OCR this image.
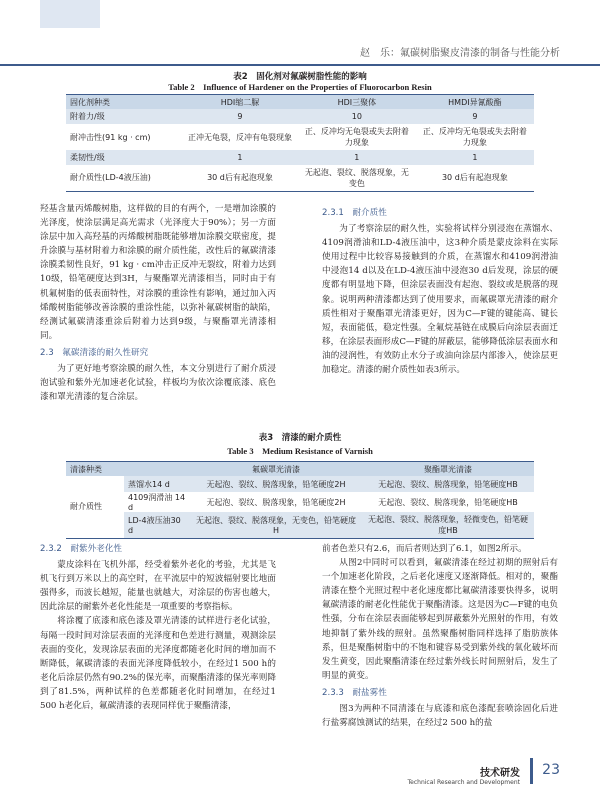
赵　乐：氟碳树脂聚皮清漆的制备与性能分析
表2　固化剂对氟碳树脂性能的影响
Table 2　Influence of Hardener on the Properties of Fluorocarbon Resin
固化剂种类	HDI缩二脲	HDI三聚体	HMDI异氰酸酯
附着力/级	9	10	9
耐冲击性(91 kg · cm)	正冲无龟裂，反冲有龟裂现象	正、反冲均无龟裂或失去附着力现象	正、反冲均无龟裂或失去附着力现象
柔韧性/级	1	1	1
耐介质性(LD-4液压油)	30 d后有起泡现象	无起泡、裂纹、脱落现象，无变色	30 d后有起泡现象

羟基含量丙烯酸树脂，这样做的目的有两个，一是增加涂膜的光泽度，使涂层满足高光需求（光泽度大于90%）；另一方面涂层中加入高羟基的丙烯酸树脂既能够增加涂膜交联密度，提升涂膜与基材附着力和涂膜的耐介质性能，改性后的氟碳清漆涂膜柔韧性良好，91 kg · cm冲击正反冲无裂纹，附着力达到10级，铅笔硬度达到3H，与聚酯罩光清漆相当，同时由于有机氟树脂的低表面特性，对涂膜的重涂性有影响，通过加入丙烯酸树脂能够改善涂膜的重涂性能，以弥补氟碳树脂的缺陷，经测试氟碳清漆重涂后附着力达到9级，与聚酯罩光清漆相同。

2.3　氟碳清漆的耐久性研究

为了更好地考察涂膜的耐久性，本文分别进行了耐介质浸泡试验和紫外光加速老化试验，样板均为依次涂覆底漆、底色漆和罩光清漆的复合涂层。

2.3.1　耐介质性

为了考察涂层的耐久性，实验将试样分别浸泡在蒸馏水、4109润滑油和LD-4液压油中，这3种介质是蒙皮涂料在实际使用过程中比较容易接触到的介质，在蒸馏水和4109润滑油中浸泡14 d以及在LD-4液压油中浸泡30 d后发现，涂层的硬度都有明显地下降，但涂层表面没有起泡、裂纹或是脱落的现象。说明两种清漆都达到了使用要求，而氟碳罩光清漆的耐介质性相对于聚酯罩光清漆更好，因为C—F键的键能高、键长短，表面能低，稳定性强。全氟烷基链在成膜后向涂层表面迁移，在涂层表面形成C—F键的屏蔽层，能够降低涂层表面水和油的浸润性，有效防止水分子或油向涂层内部渗入，使涂层更加稳定。清漆的耐介质性如表3所示。

表3　清漆的耐介质性
Table 3　Medium Resistance of Varnish
清漆种类		氟碳罩光清漆	聚酯罩光清漆
耐介质性	蒸馏水14 d	无起泡、裂纹、脱落现象，铅笔硬度2H	无起泡、裂纹、脱落现象，铅笔硬度HB
	4109润滑油 14 d	无起泡、裂纹、脱落现象，铅笔硬度2H	无起泡、裂纹、脱落现象，铅笔硬度HB
	LD-4液压油30 d	无起泡、裂纹、脱落现象，无变色，铅笔硬度H	无起泡、裂纹、脱落现象，轻微变色，铅笔硬度HB

2.3.2　耐紫外老化性

蒙皮涂料在飞机外部，经受着紫外老化的考验，尤其是飞机飞行到万米以上的高空时，在平流层中的短波辐射要比地面强得多，而波长越短，能量也就越大，对涂层的伤害也越大，因此涂层的耐紫外老化性能是一项重要的考察指标。

将涂覆了底漆和底色漆及罩光清漆的试样进行老化试验，每隔一段时间对涂层表面的光泽度和色差进行测量，观测涂层表面的变化，发现涂层表面的光泽度都随老化时间的增加而不断降低，氟碳清漆的表面光泽度降低较小，在经过1 500 h的老化后涂层仍然有90.2%的保光率，而聚酯清漆的保光率则降到了81.5%，两种试样的色差都随老化时间增加，在经过1 500 h老化后，氟碳清漆的表现同样优于聚酯清漆，

前者色差只有2.6，而后者则达到了6.1，如图2所示。

从图2中同时可以看到，氟碳清漆在经过初期的照射后有一个加速老化阶段，之后老化速度又逐渐降低。相对的，聚酯清漆在整个光照过程中老化速度都比氟碳清漆要快得多，说明氟碳清漆的耐老化性能优于聚酯清漆。这是因为C—F键的电负性强，分布在涂层表面能够起到屏蔽紫外光照射的作用，有效地抑制了紫外线的照射。虽然聚酯树脂同样选择了脂肪族体系，但是聚酯树脂中的不饱和键容易受到紫外线的氧化破坏而发生黄变，因此聚酯清漆在经过紫外线长时间照射后，发生了明显的黄变。

2.3.3　耐盐雾性

图3为两种不同清漆在与底漆和底色漆配套喷涂固化后进行盐雾腐蚀测试的结果，在经过2 500 h的盐

技术研发
Technical Research and Development
23
